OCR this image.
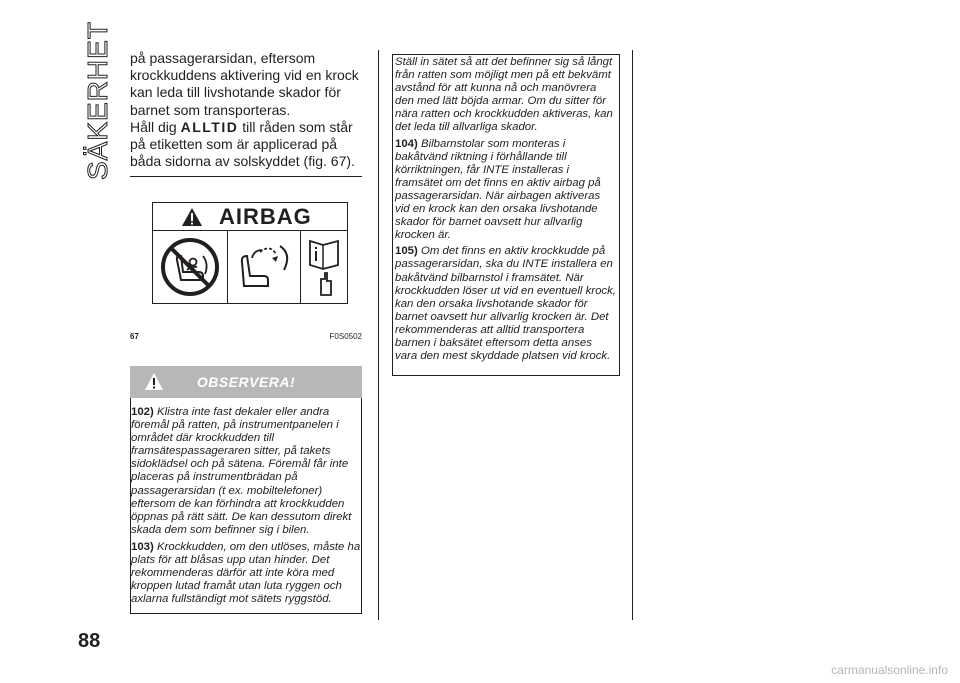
SÄKERHET	på passagerarsidan, eftersom krockkuddens aktivering vid en krock kan leda till livshotande skador för barnet som transporteras.

Håll dig ALLTID till råden som står på etiketten som är applicerad på båda sidorna av solskyddet (fig. 67).

AIRBAG
67	F0S0502
OBSERVERA!

102) Klistra inte fast dekaler eller andra föremål på ratten, på instrumentpanelen i området där krockkudden till framsätespassageraren sitter, på takets sidoklädsel och på sätena. Föremål får inte placeras på instrumentbrädan på passagerarsidan (t ex. mobiltelefoner) eftersom de kan förhindra att krockkudden öppnas på rätt sätt. De kan dessutom direkt skada dem som befinner sig i bilen.

103) Krockkudden, om den utlöses, måste ha plats för att blåsas upp utan hinder. Det rekommenderas därför att inte köra med kroppen lutad framåt utan luta ryggen och axlarna fullständigt mot sätets ryggstöd.

Ställ in sätet så att det befinner sig så långt från ratten som möjligt men på ett bekvämt avstånd för att kunna nå och manövrera den med lätt böjda armar. Om du sitter för nära ratten och krockkudden aktiveras, kan det leda till allvarliga skador.

104) Bilbarnstolar som monteras i bakåtvänd riktning i förhållande till körriktningen, får INTE installeras i framsätet om det finns en aktiv airbag på passagerarsidan. När airbagen aktiveras vid en krock kan den orsaka livshotande skador för barnet oavsett hur allvarlig krocken är.

105) Om det finns en aktiv krockkudde på passagerarsidan, ska du INTE installera en bakåtvänd bilbarnstol i framsätet. När krockkudden löser ut vid en eventuell krock, kan den orsaka livshotande skador för barnet oavsett hur allvarlig krocken är. Det rekommenderas att alltid transportera barnen i baksätet eftersom detta anses vara den mest skyddade platsen vid krock.

88
carmanualsonline.info
